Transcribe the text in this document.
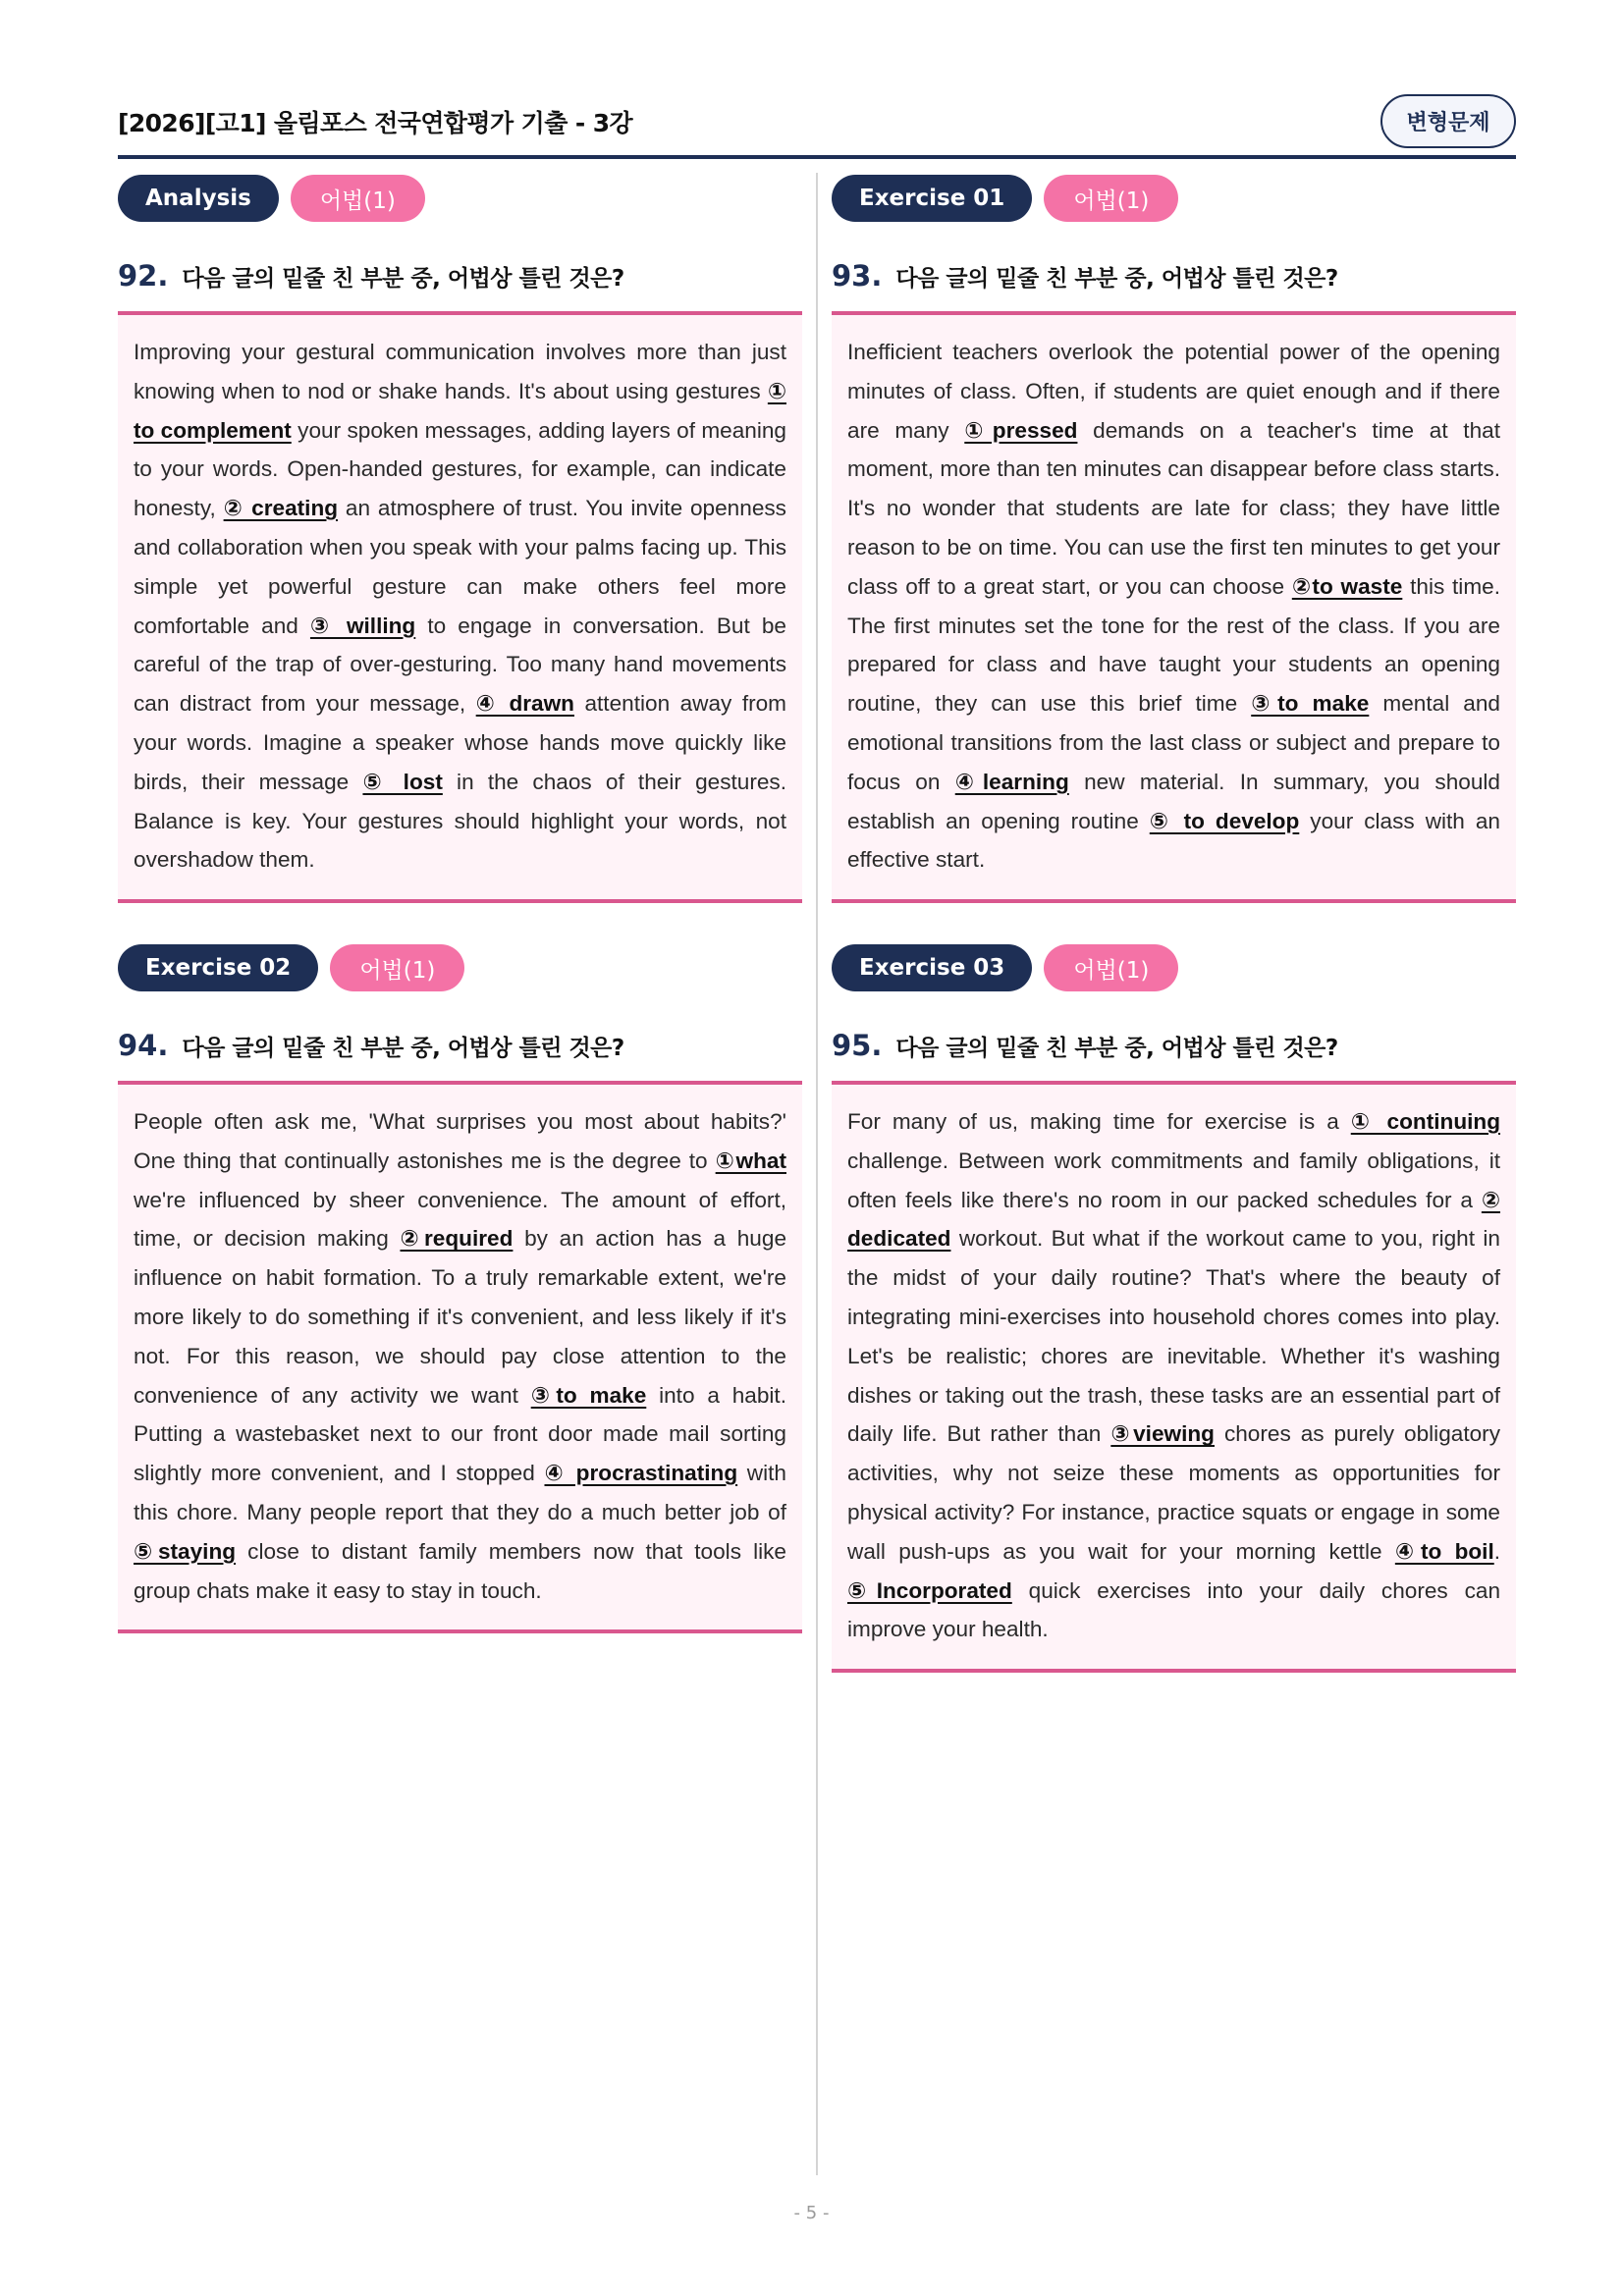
[2026][고1] 올림포스 전국연합평가 기출 - 3강	변형문제
Analysis	어법(1)
92. 다음 글의 밑줄 친 부분 중, 어법상 틀린 것은?
Improving your gestural communication involves more than just knowing when to nod or shake hands. It's about using gestures ① to complement your spoken messages, adding layers of meaning to your words. Open-handed gestures, for example, can indicate honesty, ② creating an atmosphere of trust. You invite openness and collaboration when you speak with your palms facing up. This simple yet powerful gesture can make others feel more comfortable and ③ willing to engage in conversation. But be careful of the trap of over-gesturing. Too many hand movements can distract from your message, ④ drawn attention away from your words. Imagine a speaker whose hands move quickly like birds, their message ⑤ lost in the chaos of their gestures. Balance is key. Your gestures should highlight your words, not overshadow them.
Exercise 01	어법(1)
93. 다음 글의 밑줄 친 부분 중, 어법상 틀린 것은?
Inefficient teachers overlook the potential power of the opening minutes of class. Often, if students are quiet enough and if there are many ①pressed demands on a teacher's time at that moment, more than ten minutes can disappear before class starts. It's no wonder that students are late for class; they have little reason to be on time. You can use the first ten minutes to get your class off to a great start, or you can choose ②to waste this time. The first minutes set the tone for the rest of the class. If you are prepared for class and have taught your students an opening routine, they can use this brief time ③to make mental and emotional transitions from the last class or subject and prepare to focus on ④learning new material. In summary, you should establish an opening routine ⑤ to develop your class with an effective start.
Exercise 02	어법(1)
94. 다음 글의 밑줄 친 부분 중, 어법상 틀린 것은?
People often ask me, 'What surprises you most about habits?' One thing that continually astonishes me is the degree to ①what we're influenced by sheer convenience. The amount of effort, time, or decision making ②required by an action has a huge influence on habit formation. To a truly remarkable extent, we're more likely to do something if it's convenient, and less likely if it's not. For this reason, we should pay close attention to the convenience of any activity we want ③to make into a habit. Putting a wastebasket next to our front door made mail sorting slightly more convenient, and I stopped ④ procrastinating with this chore. Many people report that they do a much better job of ⑤staying close to distant family members now that tools like group chats make it easy to stay in touch.
Exercise 03	어법(1)
95. 다음 글의 밑줄 친 부분 중, 어법상 틀린 것은?
For many of us, making time for exercise is a ① continuing challenge. Between work commitments and family obligations, it often feels like there's no room in our packed schedules for a ② dedicated workout. But what if the workout came to you, right in the midst of your daily routine? That's where the beauty of integrating mini-exercises into household chores comes into play. Let's be realistic; chores are inevitable. Whether it's washing dishes or taking out the trash, these tasks are an essential part of daily life. But rather than ③viewing chores as purely obligatory activities, why not seize these moments as opportunities for physical activity? For instance, practice squats or engage in some wall push-ups as you wait for your morning kettle ④to boil. ⑤Incorporated quick exercises into your daily chores can improve your health.
- 5 -
